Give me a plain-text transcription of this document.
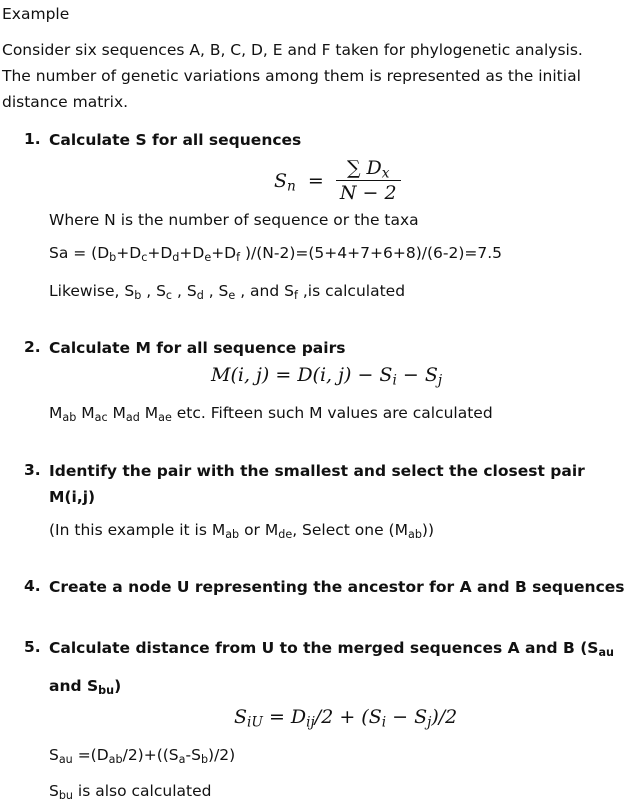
Example
Consider six sequences A, B, C, D, E and F taken for phylogenetic analysis.
The number of genetic variations among them is represented as the initial
distance matrix.
1. Calculate S for all sequences
$S_n = \frac{\sum D_x}{N - 2}$
Where N is the number of sequence or the taxa
$Sa = (D_b+D_c+D_d+D_e+D_f$ )/(N-2)=(5+4+7+6+8)/(6-2)=7.5
Likewise, $S_b$ , $S_c$ , $S_d$ , $S_e$ , and $S_f$ ,is calculated
2. Calculate M for all sequence pairs
M(i, j) = D(i, $j) - S_i - S_j$
$M_{ab}$ $M_{ac}$ $M_{ad}$ $M_{ae}$ etc. Fifteen such M values are calculated
3. Identify the pair with the smallest and select the closest pair
M(i,j)
(In this example it is $M_{ab}$ or $M_{de}$, Select one $(M_{ab})$)
4. Create a node U representing the ancestor for A and B sequences
5. Calculate distance from U to the merged sequences A and B ($S_{au}$
and $S_{bu}$)
$S_{iU} = D_{ij}/2 + (S_i - S_j)/2$
$S_{au} =(D_{ab}/2)+((S_a-S_b)/2)$
$S_{bu}$ is also calculated
